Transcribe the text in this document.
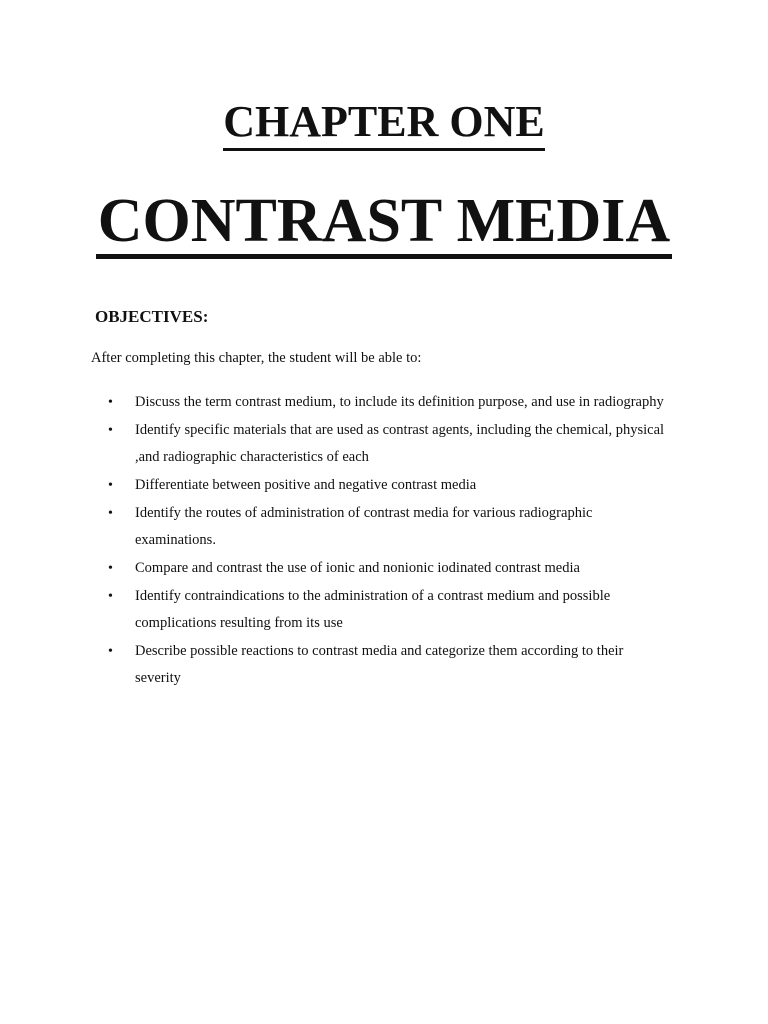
CHAPTER ONE
CONTRAST MEDIA
OBJECTIVES:
After completing this chapter, the student will be able to:
• Discuss the term contrast medium, to include its definition purpose, and use in radiography
• Identify specific materials that are used as contrast agents, including the chemical, physical ,and radiographic characteristics of each
• Differentiate between positive and negative contrast media
• Identify the routes of administration of contrast media for various radiographic examinations.
• Compare and contrast the use of ionic and nonionic iodinated contrast media
• Identify contraindications to the administration of a contrast medium and possible complications resulting from its use
• Describe possible reactions to contrast media and categorize them according to their severity
